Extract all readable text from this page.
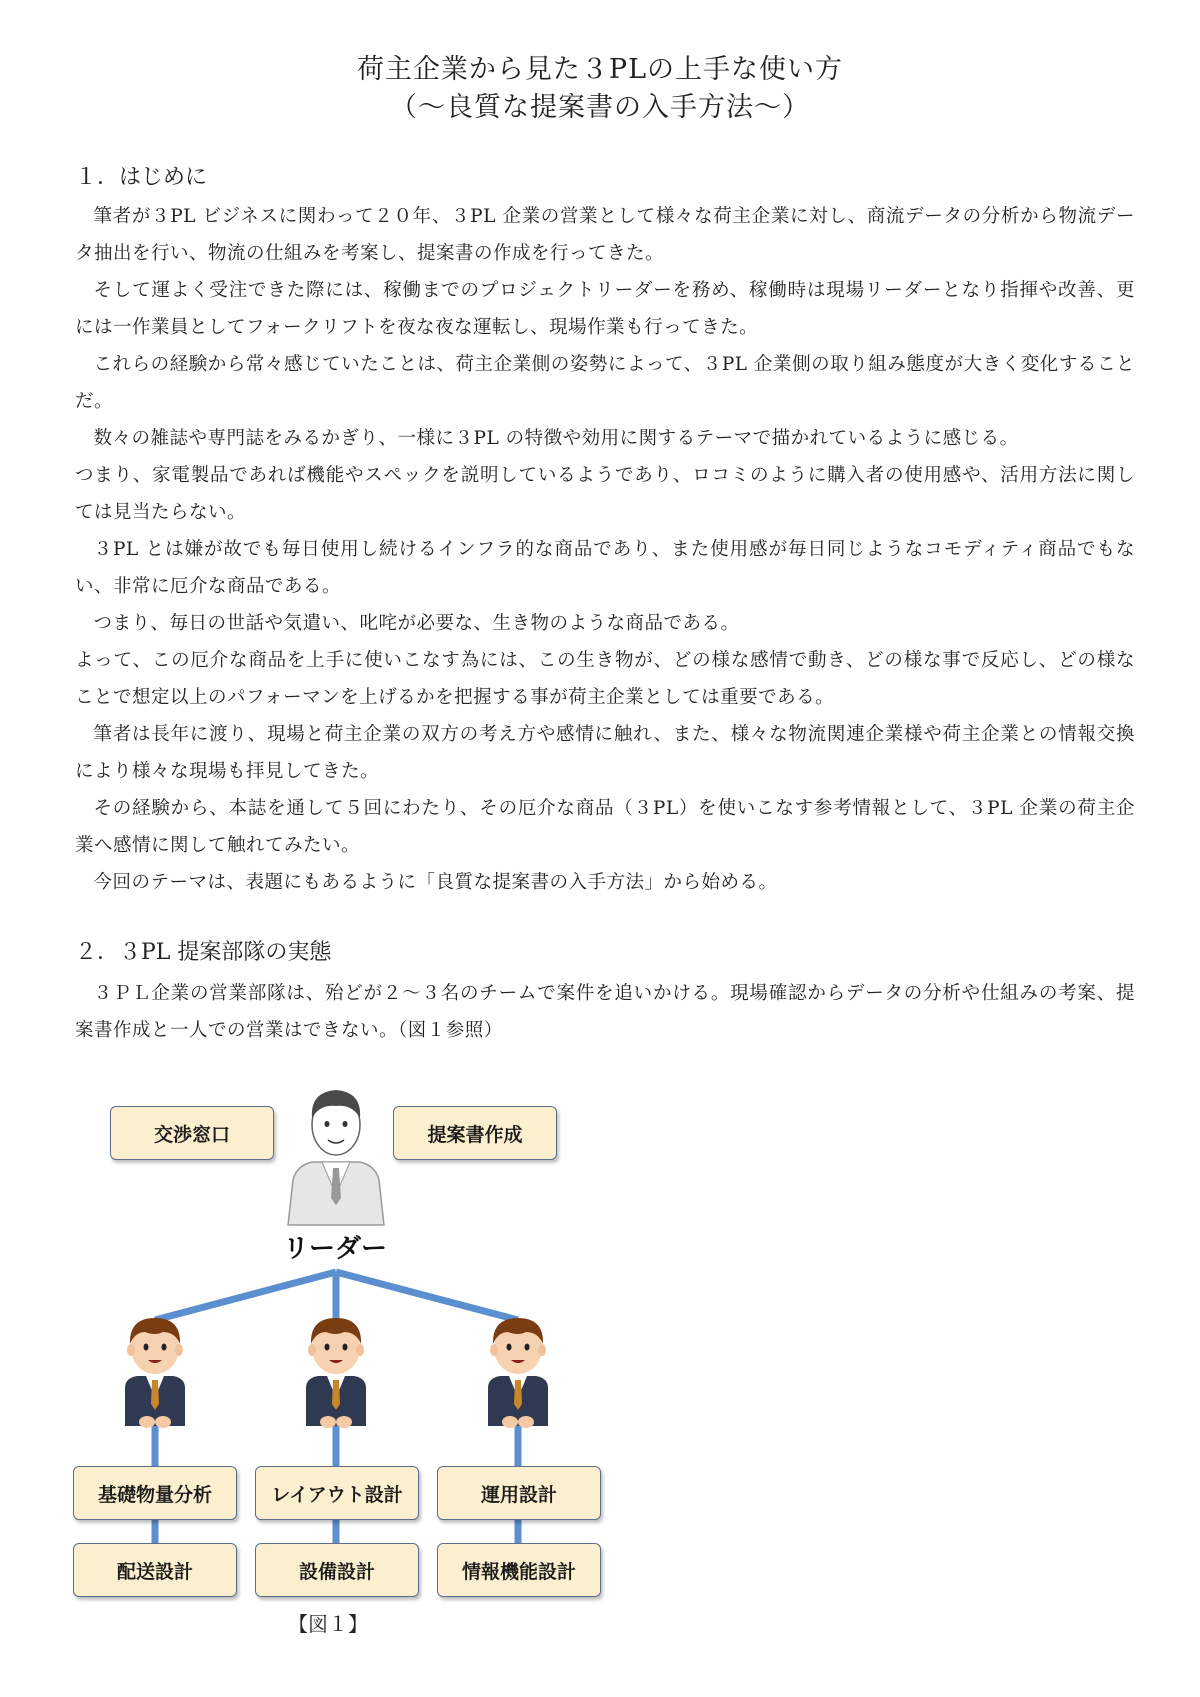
荷主企業から見た３PLの上手な使い方
（～良質な提案書の入手方法～）
１．はじめに

筆者が３PL ビジネスに関わって２０年、３PL 企業の営業として様々な荷主企業に対し、商流データの分析から物流データ抽出を行い、物流の仕組みを考案し、提案書の作成を行ってきた。

そして運よく受注できた際には、稼働までのプロジェクトリーダーを務め、稼働時は現場リーダーとなり指揮や改善、更には一作業員としてフォークリフトを夜な夜な運転し、現場作業も行ってきた。

これらの経験から常々感じていたことは、荷主企業側の姿勢によって、３PL 企業側の取り組み態度が大きく変化することだ。

数々の雑誌や専門誌をみるかぎり、一様に３PL の特徴や効用に関するテーマで描かれているように感じる。

つまり、家電製品であれば機能やスペックを説明しているようであり、ロコミのように購入者の使用感や、活用方法に関しては見当たらない。

３PL とは嫌が故でも毎日使用し続けるインフラ的な商品であり、また使用感が毎日同じようなコモディティ商品でもない、非常に厄介な商品である。

つまり、毎日の世話や気遣い、叱咤が必要な、生き物のような商品である。

よって、この厄介な商品を上手に使いこなす為には、この生き物が、どの様な感情で動き、どの様な事で反応し、どの様なことで想定以上のパフォーマンを上げるかを把握する事が荷主企業としては重要である。

筆者は長年に渡り、現場と荷主企業の双方の考え方や感情に触れ、また、様々な物流関連企業様や荷主企業との情報交換により様々な現場も拝見してきた。

その経験から、本誌を通して５回にわたり、その厄介な商品（３PL）を使いこなす参考情報として、３PL 企業の荷主企業へ感情に関して触れてみたい。

今回のテーマは、表題にもあるように「良質な提案書の入手方法」から始める。

２．３PL 提案部隊の実態

３ＰＬ企業の営業部隊は、殆どが２～３名のチームで案件を追いかける。現場確認からデータの分析や仕組みの考案、提案書作成と一人での営業はできない。（図１参照）

リーダー
交渉窓口	提案書作成
基礎物量分析	レイアウト設計	運用設計
配送設計	設備設計	情報機能設計
【図１】
